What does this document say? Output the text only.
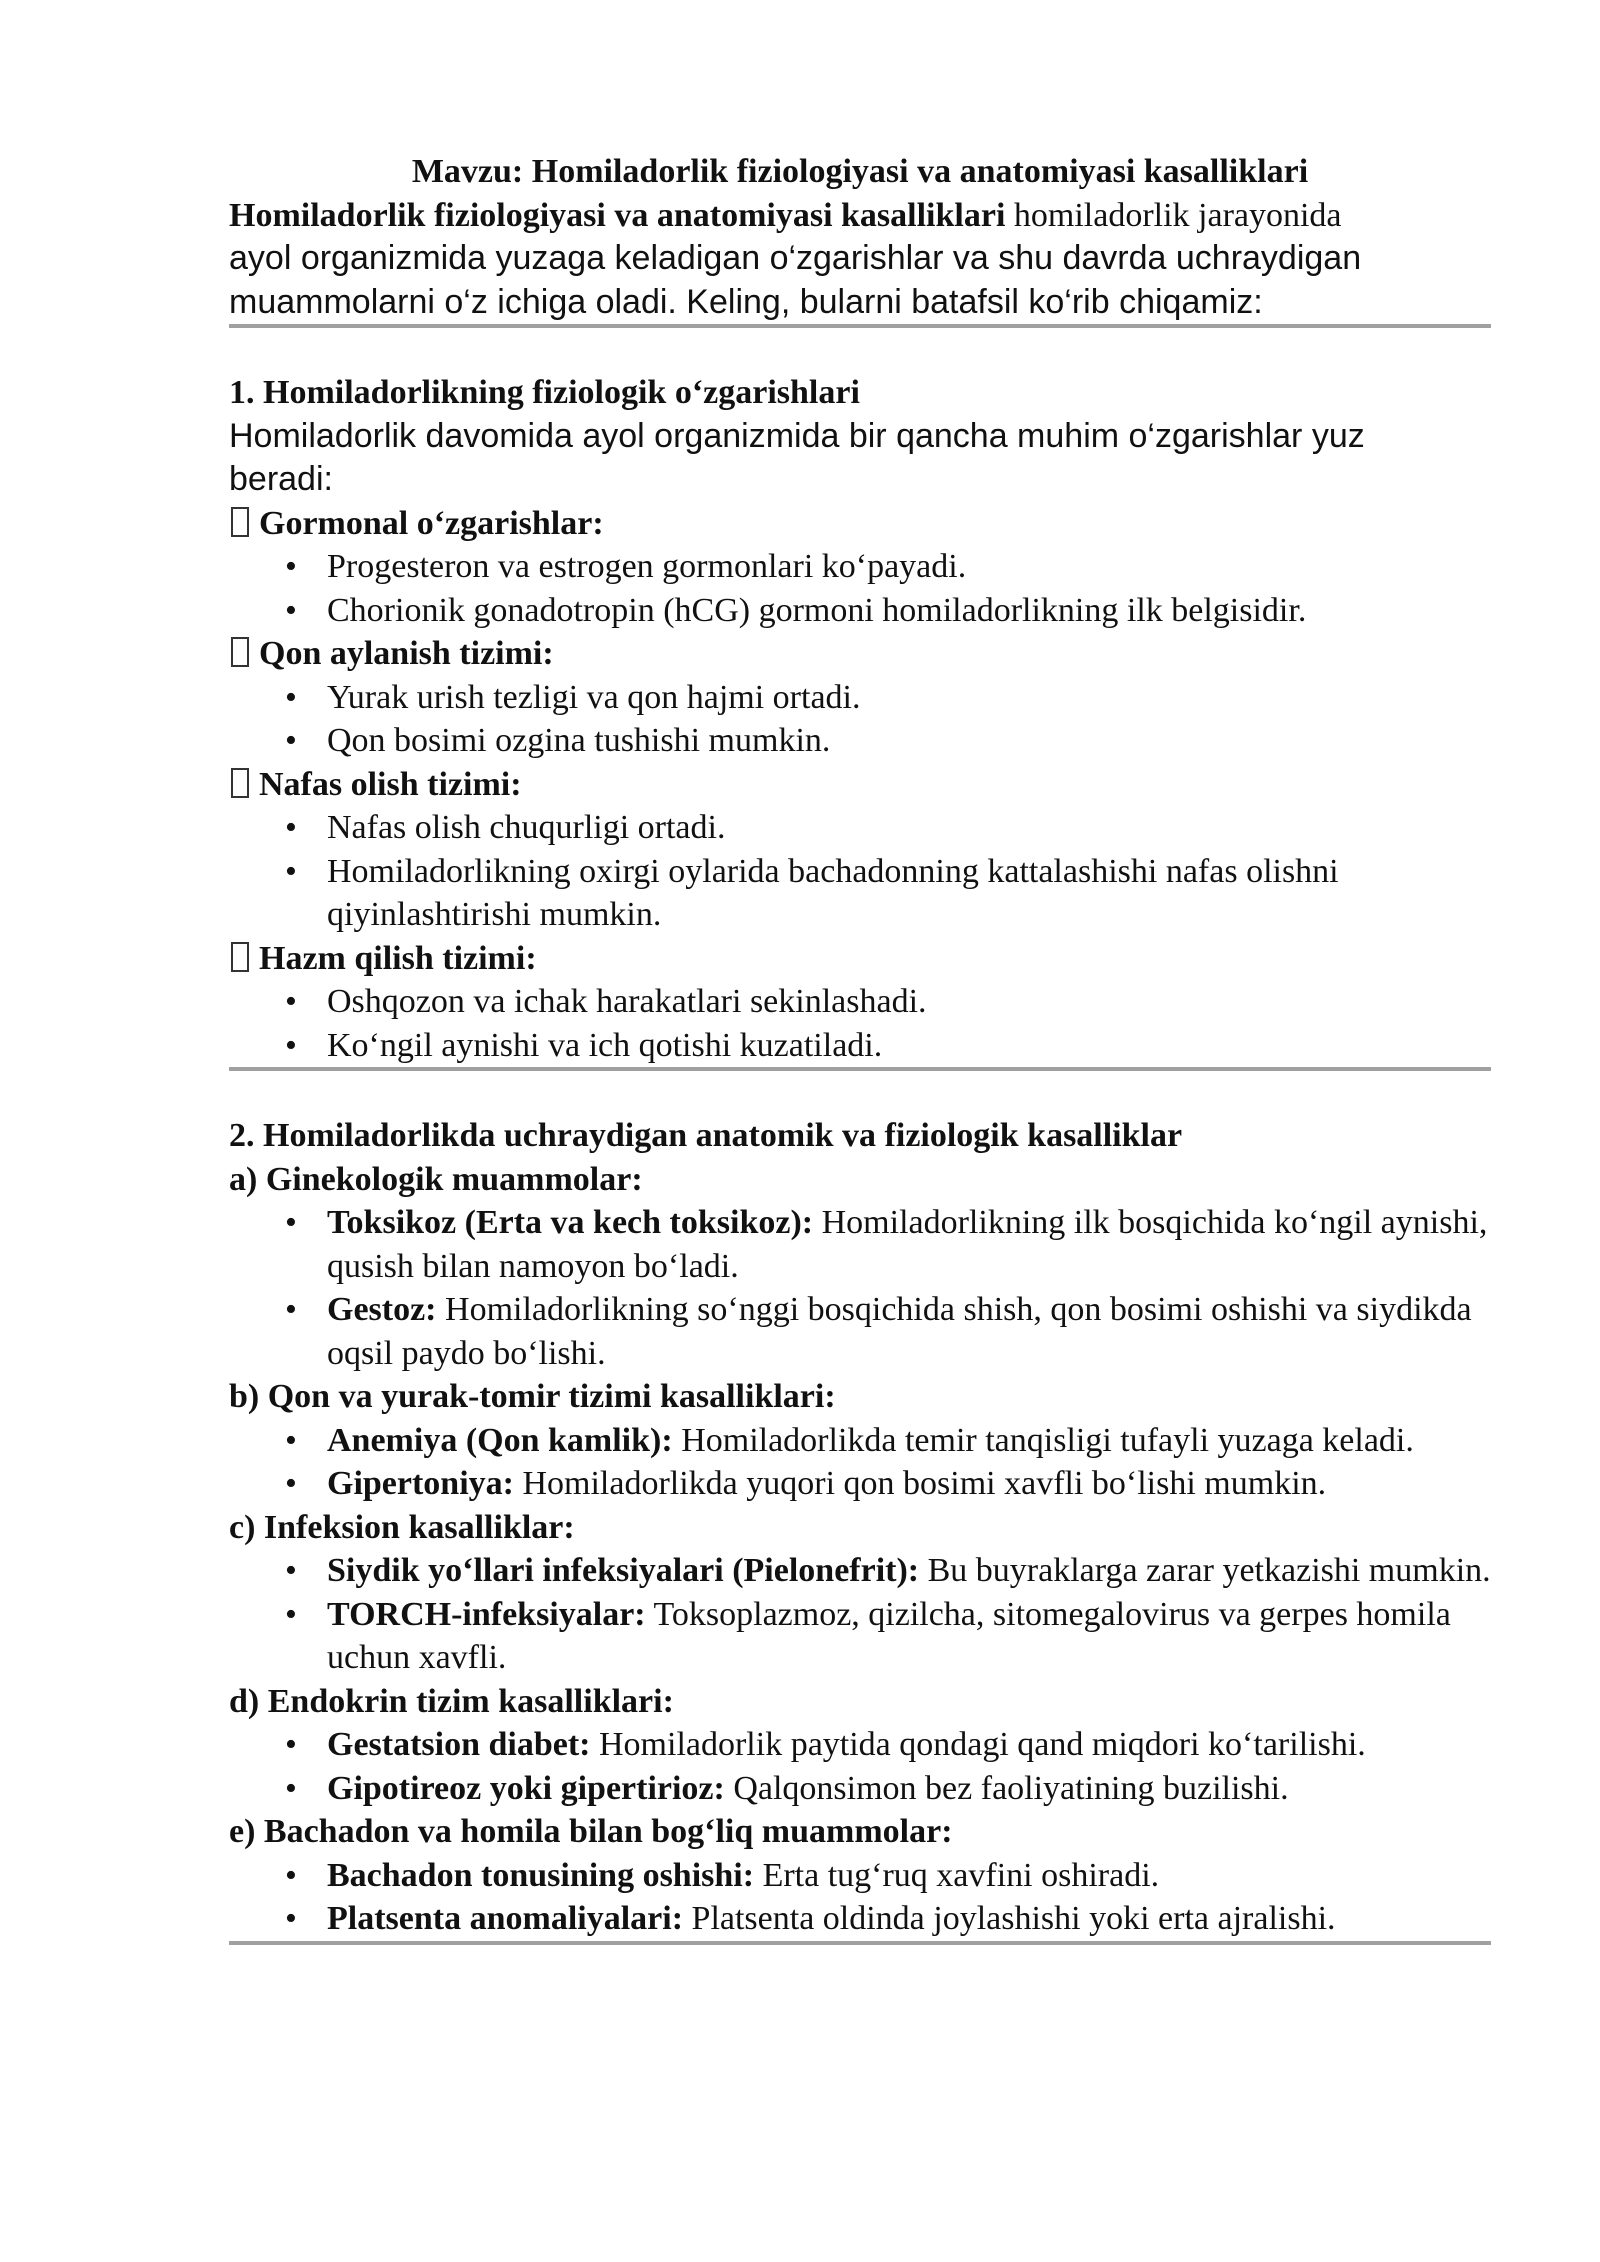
Mavzu: Homiladorlik fiziologiyasi va anatomiyasi kasalliklari

Homiladorlik fiziologiyasi va anatomiyasi kasalliklari homiladorlik jarayonida

ayol organizmida yuzaga keladigan o‘zgarishlar va shu davrda uchraydigan

muammolarni o‘z ichiga oladi. Keling, bularni batafsil ko‘rib chiqamiz:

1. Homiladorlikning fiziologik o‘zgarishlari

Homiladorlik davomida ayol organizmida bir qancha muhim o‘zgarishlar yuz

beradi:

Gormonal o‘zgarishlar:

•
Progesteron va estrogen gormonlari ko‘payadi.
•
Chorionik gonadotropin (hCG) gormoni homiladorlikning ilk belgisidir.

Qon aylanish tizimi:

•
Yurak urish tezligi va qon hajmi ortadi.
•
Qon bosimi ozgina tushishi mumkin.

Nafas olish tizimi:

•
Nafas olish chuqurligi ortadi.
•
Homiladorlikning oxirgi oylarida bachadonning kattalashishi nafas olishni qiyinlashtirishi mumkin.

Hazm qilish tizimi:

•
Oshqozon va ichak harakatlari sekinlashadi.
•
Ko‘ngil aynishi va ich qotishi kuzatiladi.

2. Homiladorlikda uchraydigan anatomik va fiziologik kasalliklar

a) Ginekologik muammolar:

•
Toksikoz (Erta va kech toksikoz): Homiladorlikning ilk bosqichida ko‘ngil aynishi, qusish bilan namoyon bo‘ladi.
•
Gestoz: Homiladorlikning so‘nggi bosqichida shish, qon bosimi oshishi va siydikda oqsil paydo bo‘lishi.

b) Qon va yurak-tomir tizimi kasalliklari:

•
Anemiya (Qon kamlik): Homiladorlikda temir tanqisligi tufayli yuzaga keladi.
•
Gipertoniya: Homiladorlikda yuqori qon bosimi xavfli bo‘lishi mumkin.

c) Infeksion kasalliklar:

•
Siydik yo‘llari infeksiyalari (Pielonefrit): Bu buyraklarga zarar yetkazishi mumkin.
•
TORCH-infeksiyalar: Toksoplazmoz, qizilcha, sitomegalovirus va gerpes homila uchun xavfli.

d) Endokrin tizim kasalliklari:

•
Gestatsion diabet: Homiladorlik paytida qondagi qand miqdori ko‘tarilishi.
•
Gipotireoz yoki gipertirioz: Qalqonsimon bez faoliyatining buzilishi.

e) Bachadon va homila bilan bog‘liq muammolar:

•
Bachadon tonusining oshishi: Erta tug‘ruq xavfini oshiradi.
•
Platsenta anomaliyalari: Platsenta oldinda joylashishi yoki erta ajralishi.
